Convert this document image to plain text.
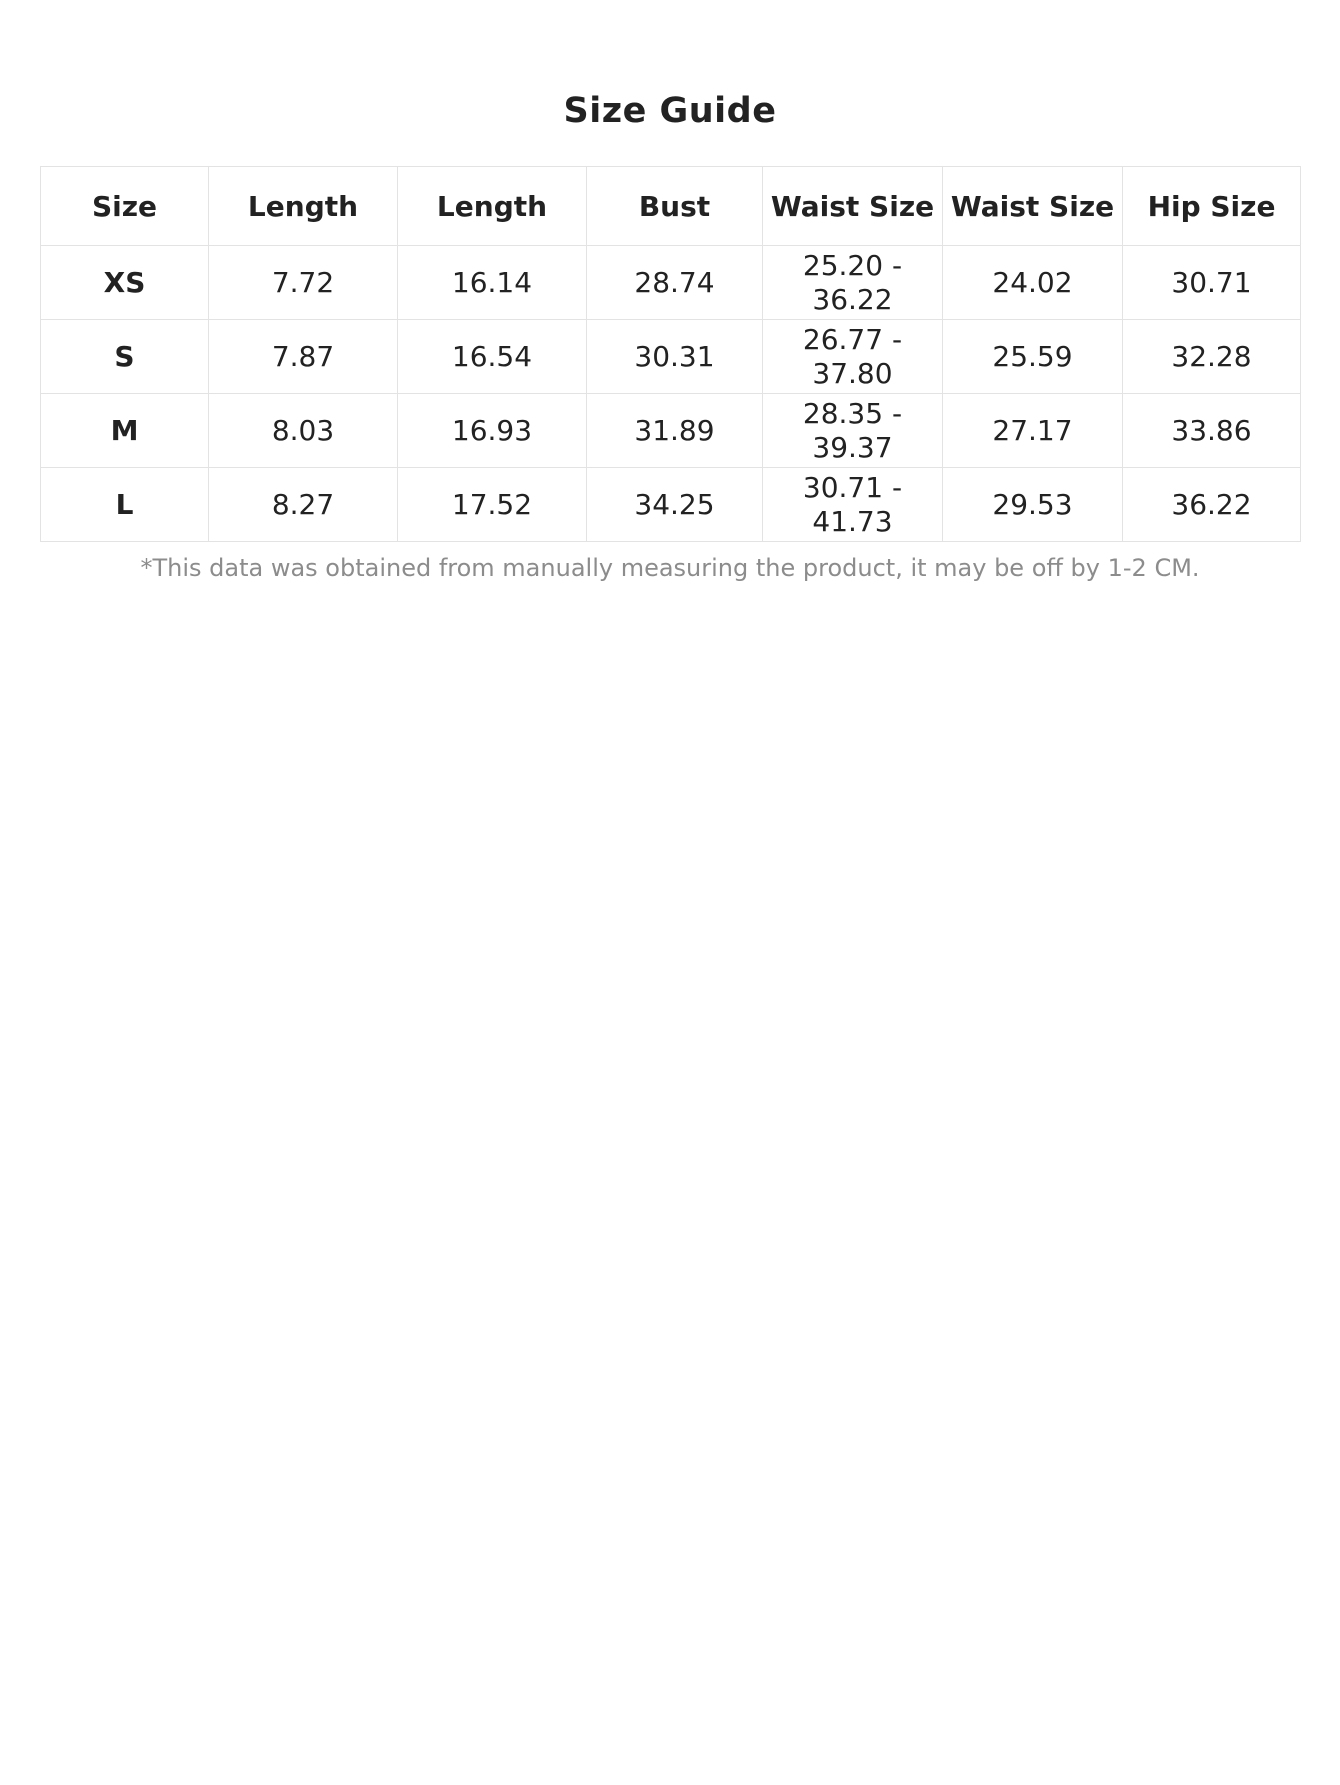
Size Guide
Size	Length	Length	Bust	Waist Size	Waist Size	Hip Size
XS	7.72	16.14	28.74	25.20 - 36.22	24.02	30.71
S	7.87	16.54	30.31	26.77 - 37.80	25.59	32.28
M	8.03	16.93	31.89	28.35 - 39.37	27.17	33.86
L	8.27	17.52	34.25	30.71 - 41.73	29.53	36.22
*This data was obtained from manually measuring the product, it may be off by 1-2 CM.
